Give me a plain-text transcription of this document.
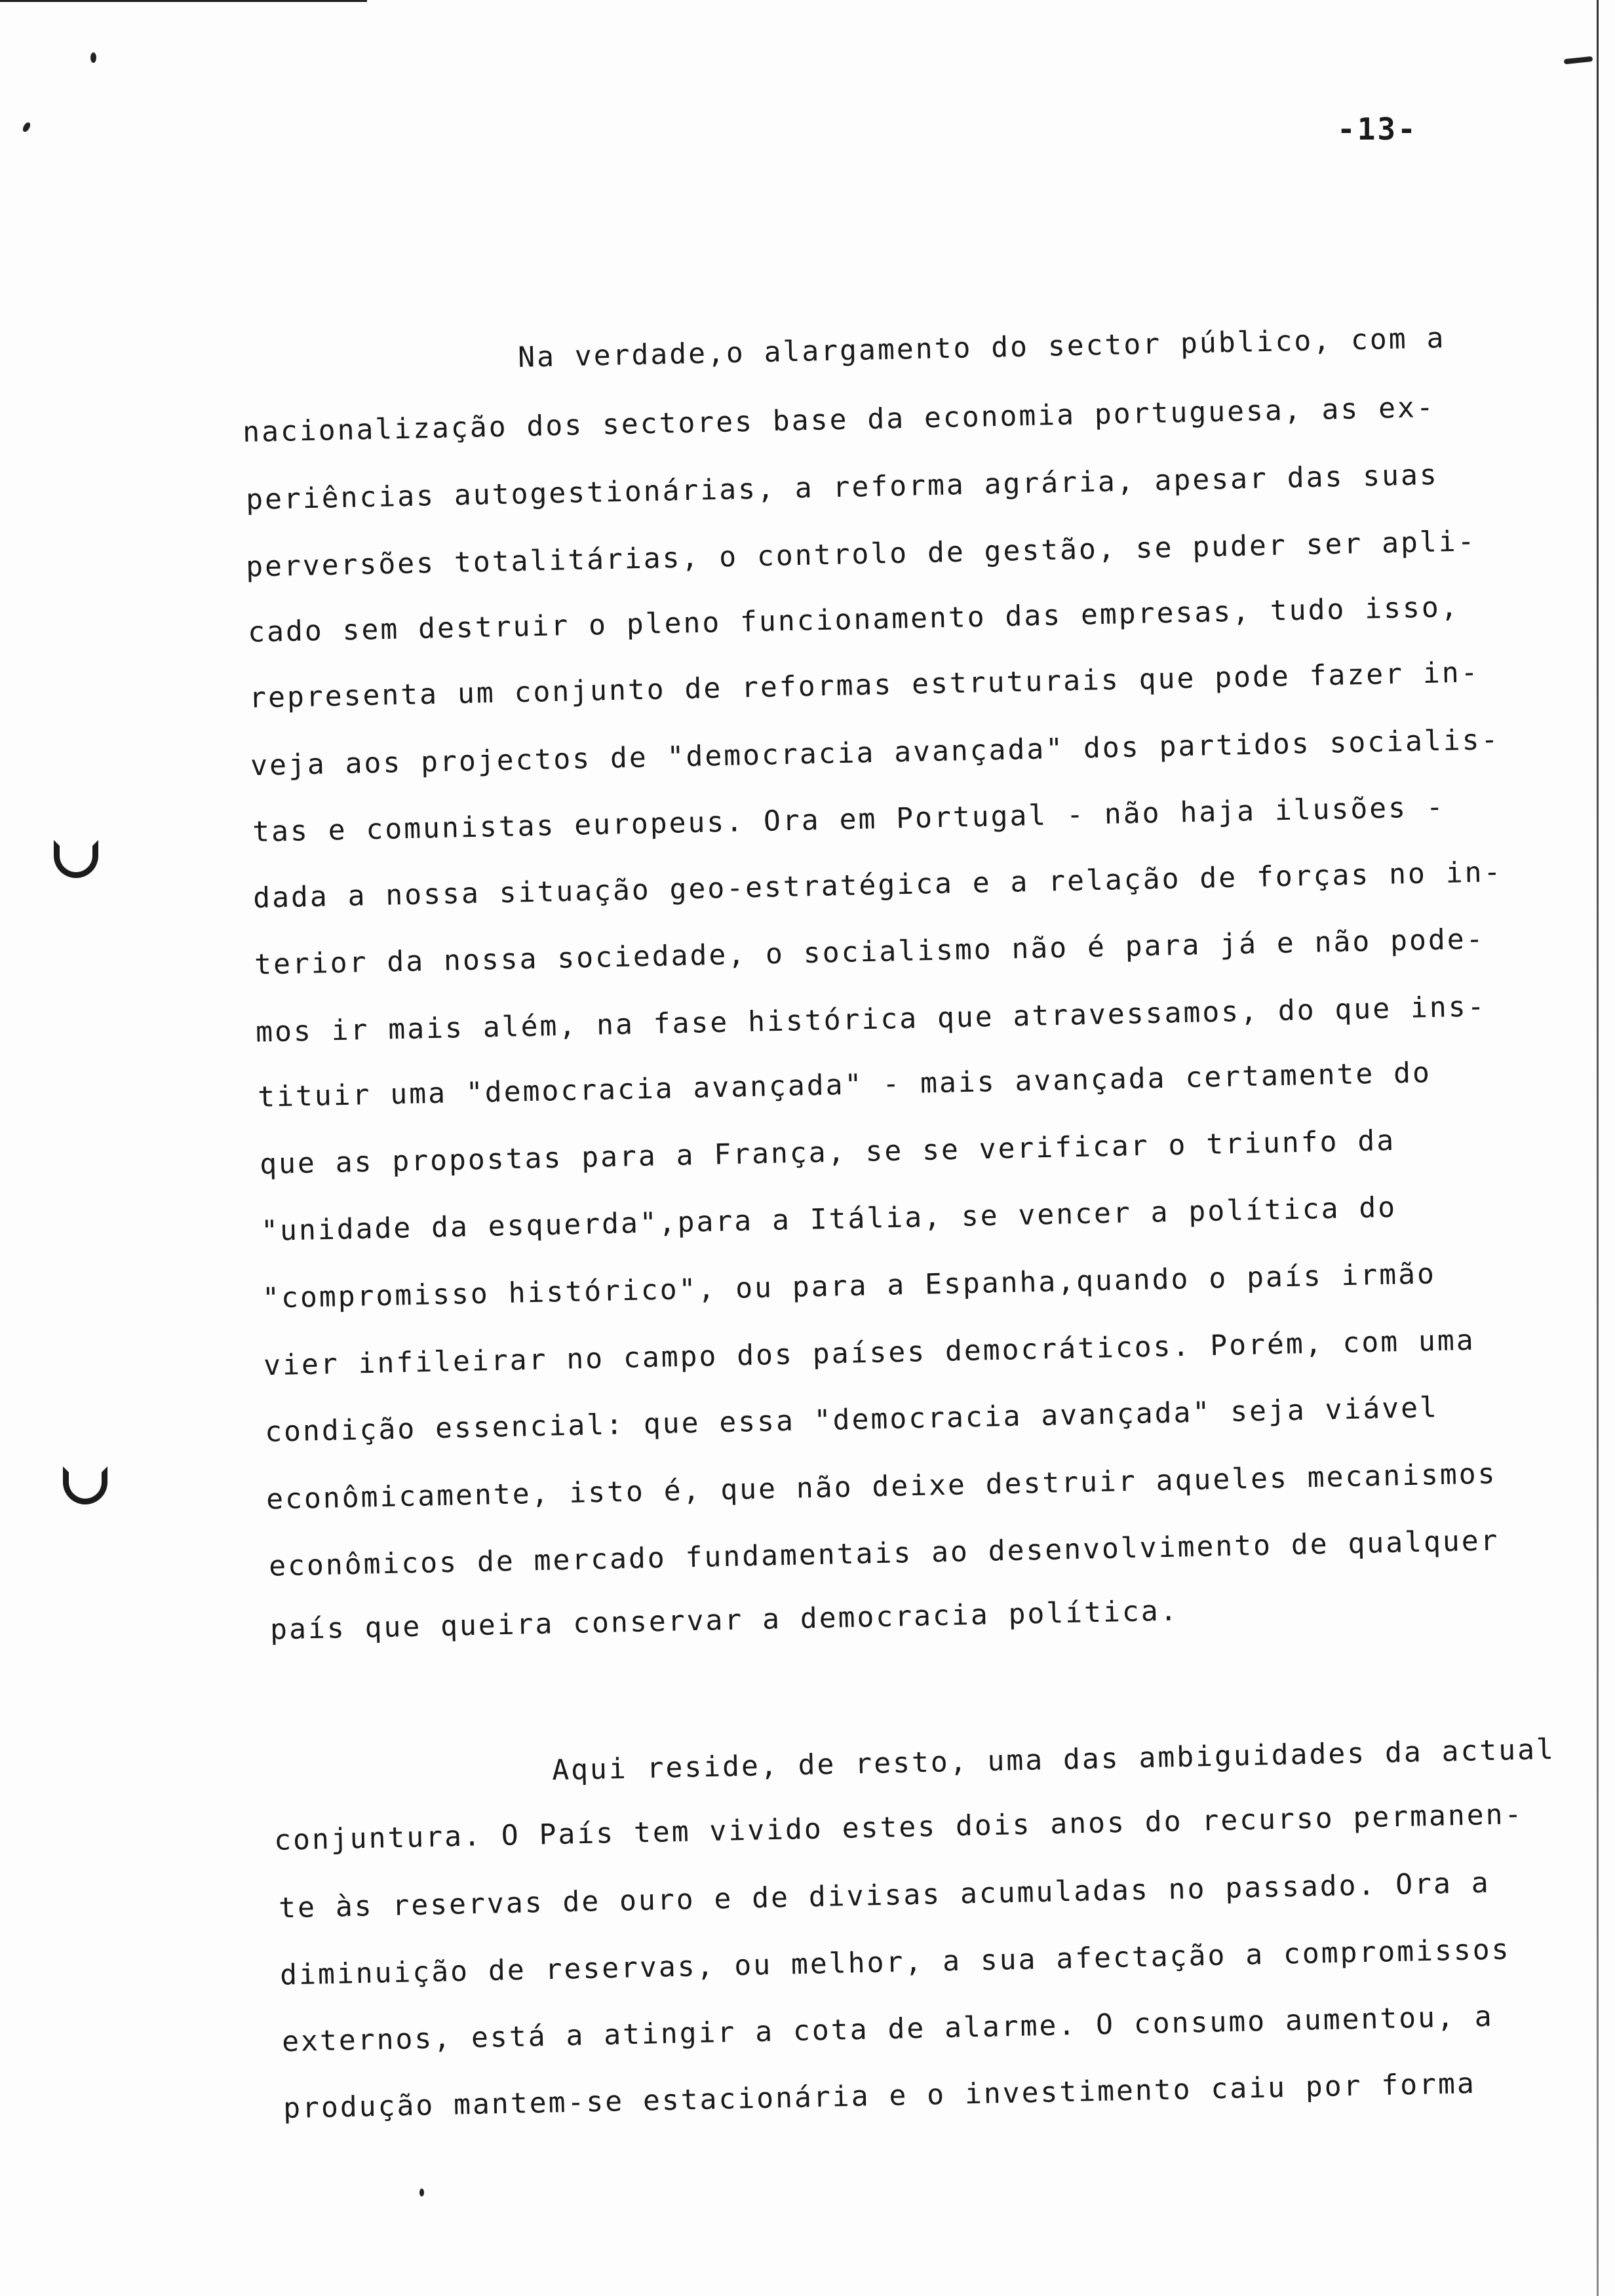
-13-
Na verdade,o alargamento do sector público, com a
nacionalização dos sectores base da economia portuguesa, as ex-
periências autogestionárias, a reforma agrária, apesar das suas
perversões totalitárias, o controlo de gestão, se puder ser apli-
cado sem destruir o pleno funcionamento das empresas, tudo isso,
representa um conjunto de reformas estruturais que pode fazer in-
veja aos projectos de "democracia avançada" dos partidos socialis-
tas e comunistas europeus. Ora em Portugal - não haja ilusões -
dada a nossa situação geo-estratégica e a relação de forças no in-
terior da nossa sociedade, o socialismo não é para já e não pode-
mos ir mais além, na fase histórica que atravessamos, do que ins-
tituir uma "democracia avançada" - mais avançada certamente do
que as propostas para a França, se se verificar o triunfo da
"unidade da esquerda",para a Itália, se vencer a política do
"compromisso histórico", ou para a Espanha,quando o país irmão
vier infileirar no campo dos países democráticos. Porém, com uma
condição essencial: que essa "democracia avançada" seja viável
econômicamente, isto é, que não deixe destruir aqueles mecanismos
econômicos de mercado fundamentais ao desenvolvimento de qualquer
país que queira conservar a democracia política.
Aqui reside, de resto, uma das ambiguidades da actual
conjuntura. O País tem vivido estes dois anos do recurso permanen-
te às reservas de ouro e de divisas acumuladas no passado. Ora a
diminuição de reservas, ou melhor, a sua afectação a compromissos
externos, está a atingir a cota de alarme. O consumo aumentou, a
produção mantem-se estacionária e o investimento caiu por forma
